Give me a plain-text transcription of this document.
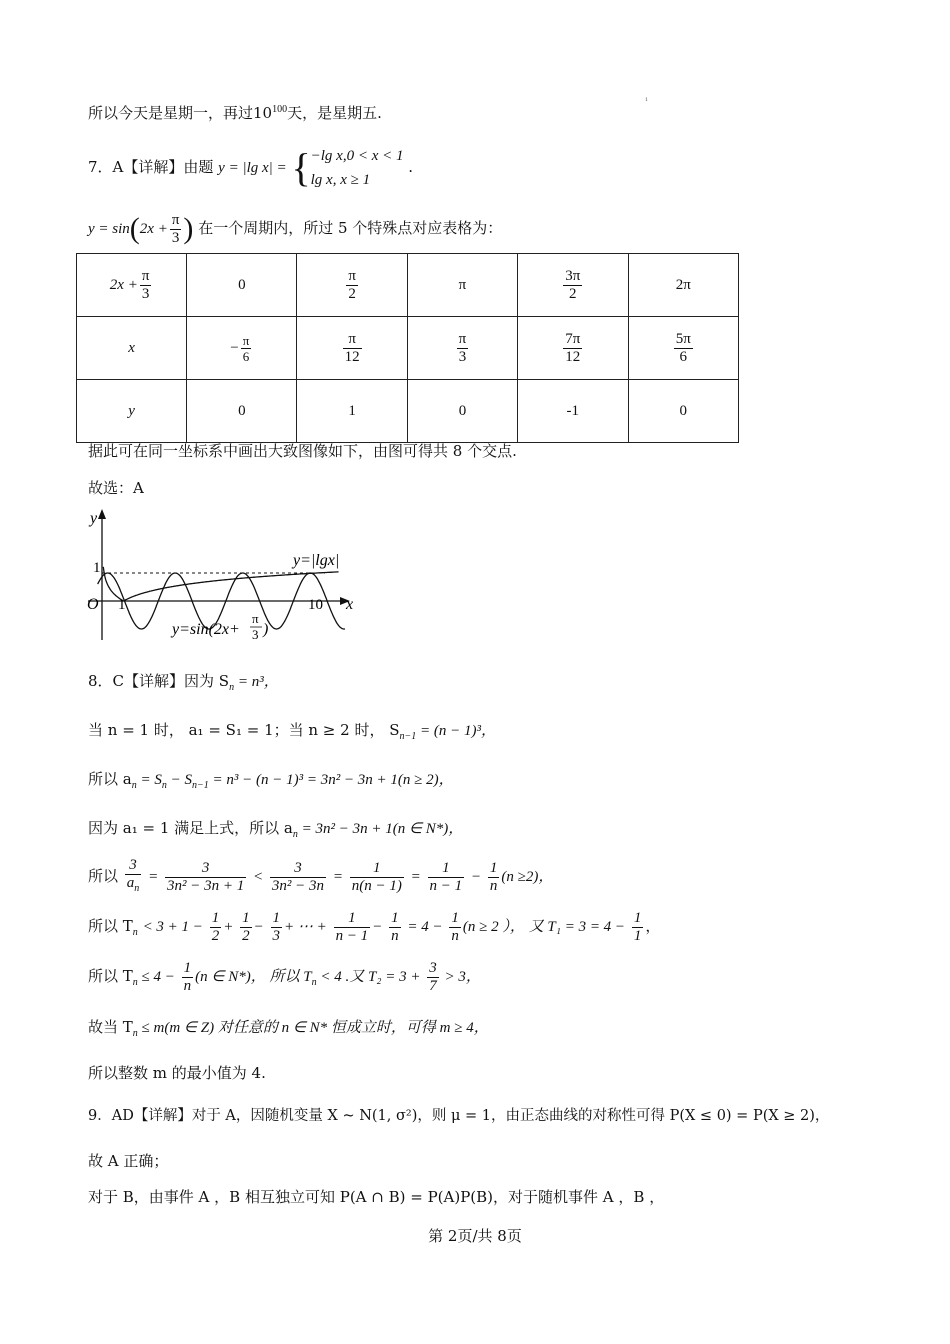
1
所以今天是星期一，再过$10^{100}$天，是星期五.
7．A【详解】由题 y = |lg x| = {−lg x,0 < x < 1
lg x, x ≥ 1 .
$y = \sin(2x + \frac{\pi}{3}$ ) 在一个周期内，所过 5 个特殊点对应表格为：
$2x + \frac{\pi}{3}$	0	$\frac{\pi}{2}$	π	$\frac{3\pi}{2}$	2π
x	− $\frac{\pi}{6}$	$\frac{\pi}{12}$	$\frac{\pi}{3}$	$\frac{7\pi}{12}$	$\frac{5\pi}{6}$

y	0	1	0	-1	0
据此可在同一坐标系中画出大致图像如下，由图可得共 8 个交点.
故选：A
y
x
O
1
1	10
y=|lgx|
y=sin(2x+
π
3 )
8．C【详解】因为 $S_n = n^3$，
当 n = 1 时， a₁ = S₁ = 1；当 n ≥ 2 时， $S_{n-1} = (n - 1)^3$，
所以 $a_n = S_n - S_{n-1} = n^3 - (n - 1)^3 = 3n^2 - 3n + 1(n \ge 2)$，
因为 a₁ = 1 满足上式，所以 $a_n = 3n^2 - 3n + 1(n$ ∈ N*)，
所以 $\frac{3}{a_n} = \frac{3}{\text{3n² − 3n + 1}} < \frac{3}{\text{3n² − 3n}} = \frac{1}{n(n - 1)} = \frac{1}{n - 1} - \frac{1}{n} (n \ge 2)$，
所以 $T_n < 3 + 1 - \frac{1}{2} + \frac{1}{2} - \frac{1}{3}$ + ⋯ + $\frac{1}{n - 1} - \frac{1}{n} = 4 - \frac{1}{n} (n \ge 2$ ）， 又 $T_1 = 3 = 4 - \frac{1}{1}$ ，
所以 $T_n \le 4 - \frac{1}{n} (n$ ∈ N*)， 所以 $T_n < 4$ .又 $T_2 = 3 + \frac{3}{7} > 3$，
故当 $T_n \le m(m$ ∈ Z) 对任意的 n ∈ N* 恒成立时，可得 m ≥ 4，
所以整数 m 的最小值为 4.
9．AD【详解】对于 A，因随机变量 X ~ N(1, σ²)，则 μ = 1，由正态曲线的对称性可得 P(X ≤ 0) = P(X ≥ 2)，
故 A 正确；
对于 B，由事件 A ，B 相互独立可知 P(A ∩ B) = P(A)P(B)，对于随机事件 A ，B ，
第 2页/共 8页
